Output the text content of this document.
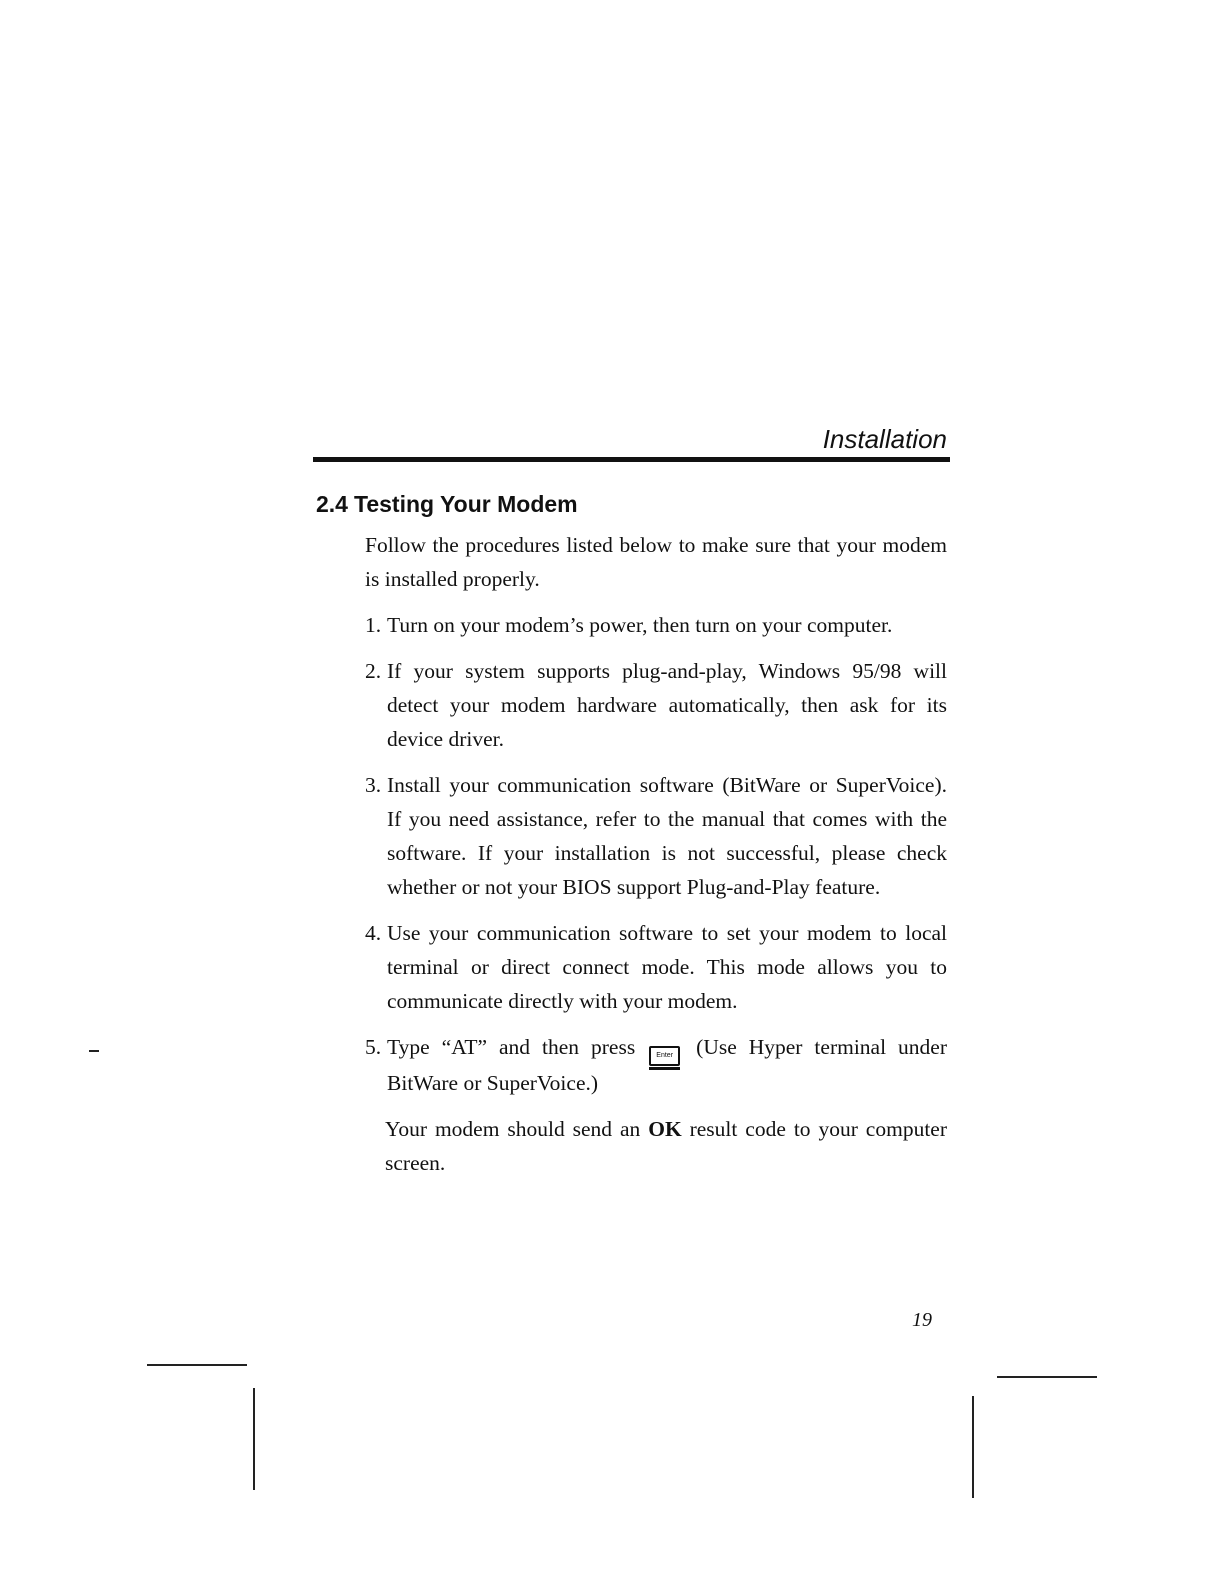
Installation
2.4 Testing Your Modem

Follow the procedures listed below to make sure that your modem is installed properly.

1. Turn on your modem’s power, then turn on your computer.
2. If your system supports plug-and-play, Windows 95/98 will detect your modem hardware automatically, then ask for its device driver.
3. Install your communication software (BitWare or SuperVoice). If you need assistance, refer to the manual that comes with the software. If your installation is not successful, please check whether or not your BIOS support Plug-and-Play feature.
4. Use your communication software to set your modem to local terminal or direct connect mode. This mode allows you to communicate directly with your modem.
5. Type “AT” and then press	Enter (Use Hyper terminal under BitWare or SuperVoice.)

Your modem should send an OK result code to your computer screen.

19
